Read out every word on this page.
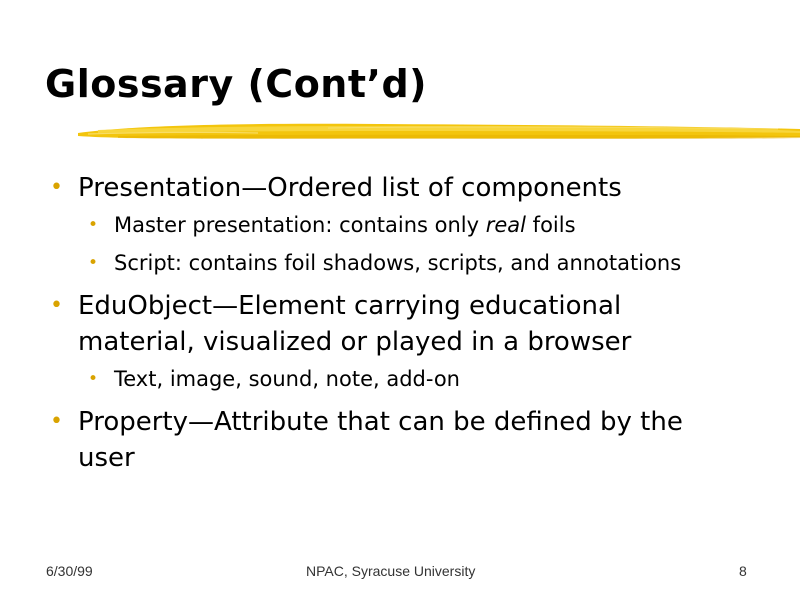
Glossary (Cont’d)
• Presentation—Ordered list of components
• Master presentation: contains only real foils
• Script: contains foil shadows, scripts, and annotations
• EduObject—Element carrying educational
material, visualized or played in a browser
• Text, image, sound, note, add-on
• Property—Attribute that can be defined by the
user
6/30/99	NPAC, Syracuse University	8
